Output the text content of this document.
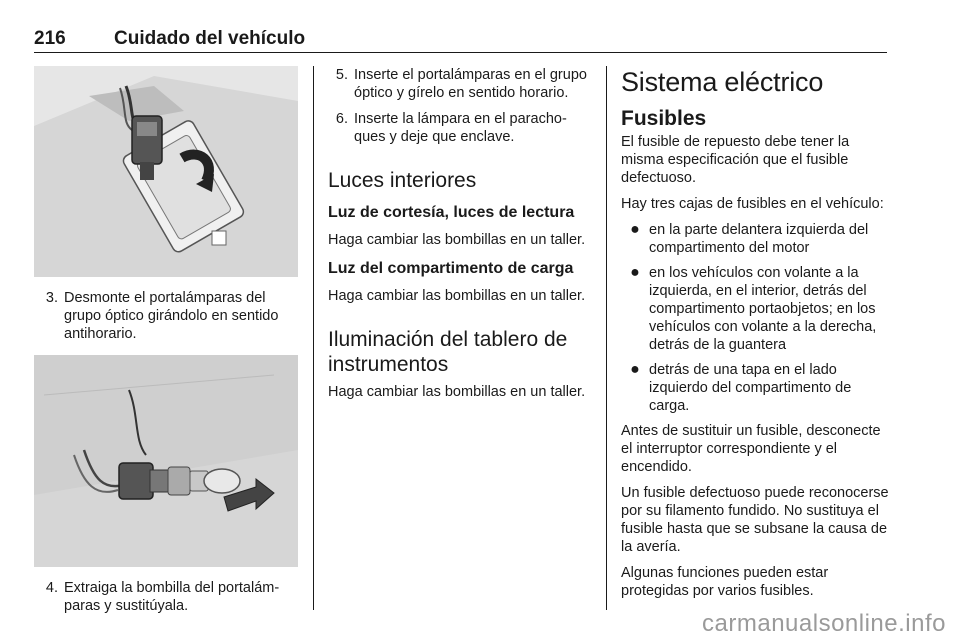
216	Cuidado del vehículo
3. Desmonte el portalámparas del grupo óptico girándolo en sentido antihorario.
4. Extraiga la bombilla del portalámparas y sustitúyala.
5. Inserte el portalámparas en el grupo óptico y gírelo en sentido horario.
6. Inserte la lámpara en el parachoques y deje que enclave.
Luces interiores
Luz de cortesía, luces de lectura

Haga cambiar las bombillas en un taller.

Luz del compartimento de carga

Haga cambiar las bombillas en un taller.

Iluminación del tablero de instrumentos

Haga cambiar las bombillas en un taller.

Sistema eléctrico
Fusibles

El fusible de repuesto debe tener la misma especificación que el fusible defectuoso.

Hay tres cajas de fusibles en el vehículo:

● en la parte delantera izquierda del compartimento del motor
● en los vehículos con volante a la izquierda, en el interior, detrás del compartimento portaobjetos; en los vehículos con volante a la derecha, detrás de la guantera
● detrás de una tapa en el lado izquierdo del compartimento de carga.

Antes de sustituir un fusible, desconecte el interruptor correspondiente y el encendido.

Un fusible defectuoso puede reconocerse por su filamento fundido. No sustituya el fusible hasta que se subsane la causa de la avería.

Algunas funciones pueden estar protegidas por varios fusibles.

carmanualsonline.info
